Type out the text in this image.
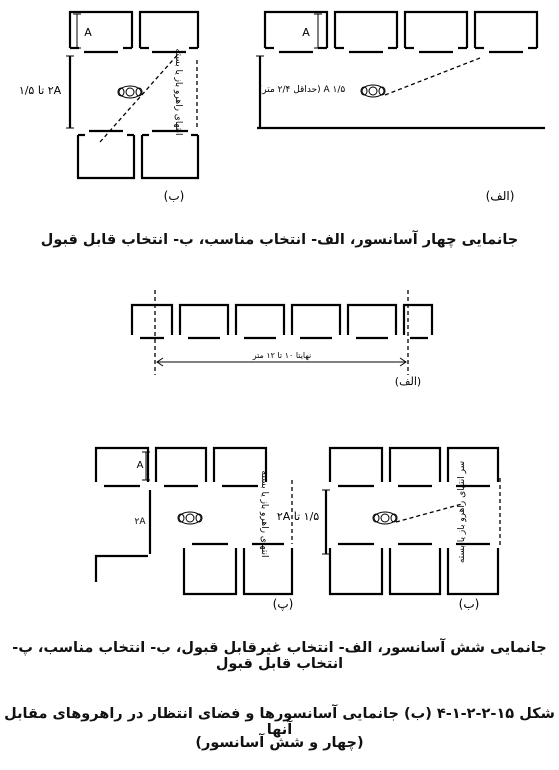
A
۲A تا ۱/۵	انتهای راهرو باز یا بسته
(ب)
A
۱/۵ A (حداقل ۲/۴ متر)
(الف)
نهایتا ۱۰ تا ۱۲ متر
(الف)
A
۲A	انتهای راهرو باز یا بسته ۱/۵ تا ۲A	سر انتهای راهرو باز یا بسته
(پ)	(ب)
جانمایی چهار آسانسور، الف- انتخاب مناسب، ب- انتخاب قابل قبول
جانمایی شش آسانسور، الف- انتخاب غیرقابل قبول، ب- انتخاب مناسب، پ- انتخاب قابل قبول
شکل ۱۵-۲-۲-۱-۴ (ب) جانمایی آسانسورها و فضای انتظار در راهروهای مقابل آنها
(چهار و شش آسانسور)
